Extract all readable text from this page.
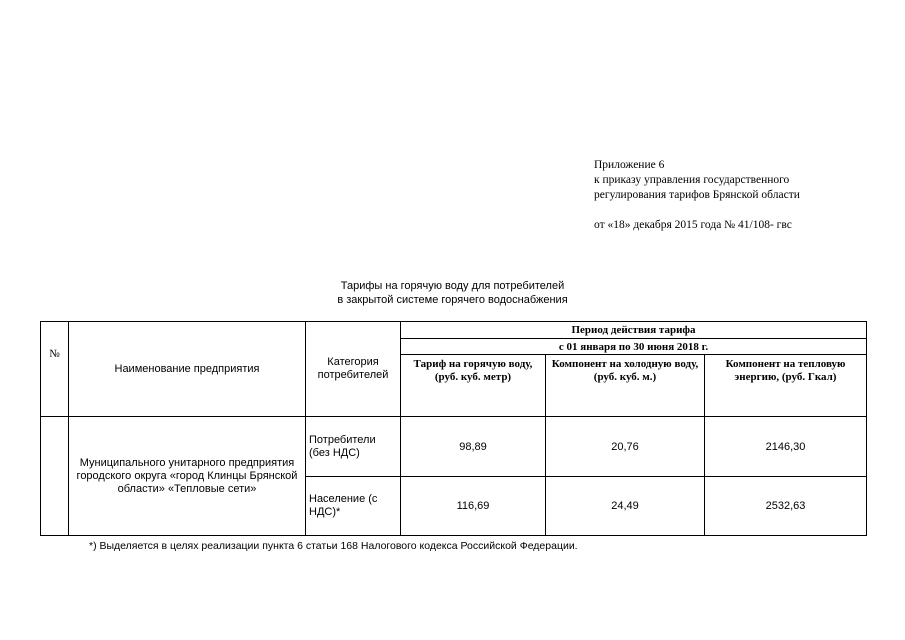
Приложение 6
к приказу управления государственного
регулирования тарифов Брянской области
от «18» декабря 2015 года № 41/108- гвс
Тарифы на горячую воду для потребителей
в закрытой системе горячего водоснабжения
№	Наименование предприятия	Категория потребителей	Период действия тарифа		
			с 01 января по 30 июня 2018 г.		
			Тариф на горячую воду, (руб. куб. метр)	Компонент на холодную воду, (руб. куб. м.)	Компонент на тепловую энергию, (руб. Гкал)
	Муниципального унитарного предприятия городского округа «город Клинцы Брянской области» «Тепловые сети»	Потребители (без НДС)	98,89	20,76	2146,30
		Население (с НДС)*	116,69	24,49	2532,63
*) Выделяется в целях реализации пункта 6 статьи 168 Налогового кодекса Российской Федерации.
